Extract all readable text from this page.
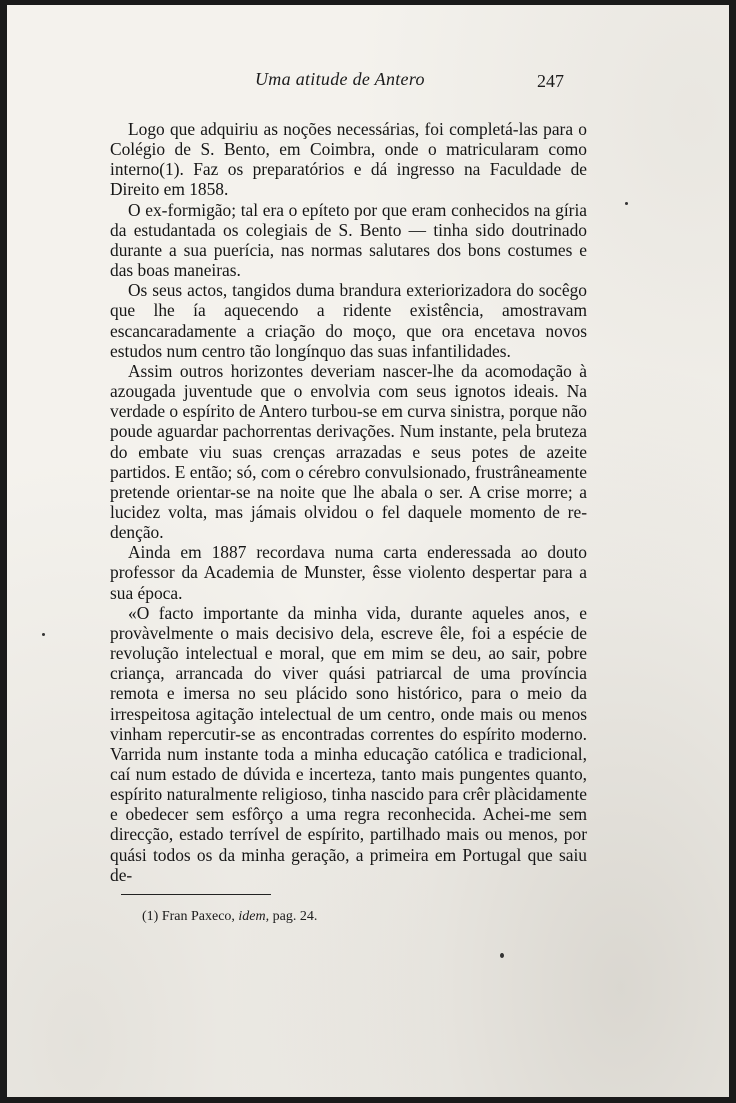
Uma atitude de Antero	247

Logo que adquiriu as noções necessárias, foi completá-las para o Colégio de S. Bento, em Coimbra, onde o matricularam como interno(1). Faz os preparatórios e dá ingresso na Faculdade de Direito em 1858.

O ex-formigão; tal era o epíteto por que eram conhecidos na gíria da estudantada os colegiais de S. Bento — tinha sido doutrinado durante a sua puerícia, nas normas salutares dos bons costumes e das boas maneiras.

Os seus actos, tangidos duma brandura exteriorizadora do socêgo que lhe ía aquecendo a ridente existência, amostravam escancaradamente a criação do moço, que ora encetava novos estudos num centro tão longínquo das suas infantilidades.

Assim outros horizontes deveriam nascer-lhe da acomodação à azougada juventude que o envolvia com seus ignotos ideais. Na verdade o espírito de Antero turbou-se em curva sinistra, porque não poude aguardar pachorrentas derivações. Num instante, pela bruteza do embate viu suas crenças arrazadas e seus potes de azeite partidos. E então; só, com o cérebro convulsionado, frustrâneamente pretende orientar-se na noite que lhe abala o ser. A crise morre; a lucidez volta, mas jámais olvidou o fel daquele momento de redenção.

Ainda em 1887 recordava numa carta enderessada ao douto professor da Academia de Munster, êsse violento despertar para a sua época.

«O facto importante da minha vida, durante aqueles anos, e provàvelmente o mais decisivo dela, escreve êle, foi a espécie de revolução intelectual e moral, que em mim se deu, ao sair, pobre criança, arrancada do viver quási patriarcal de uma província remota e imersa no seu plácido sono histórico, para o meio da irrespeitosa agitação intelectual de um centro, onde mais ou menos vinham repercutir-se as encontradas correntes do espírito moderno. Varrida num instante toda a minha educação católica e tradicional, caí num estado de dúvida e incerteza, tanto mais pungentes quanto, espírito naturalmente religioso, tinha nascido para crêr plàcidamente e obedecer sem esfôrço a uma regra reconhecida. Achei-me sem direcção, estado terrível de espírito, partilhado mais ou menos, por quási todos os da minha geração, a primeira em Portugal que saiu de-

(1) Fran Paxeco, idem, pag. 24.
